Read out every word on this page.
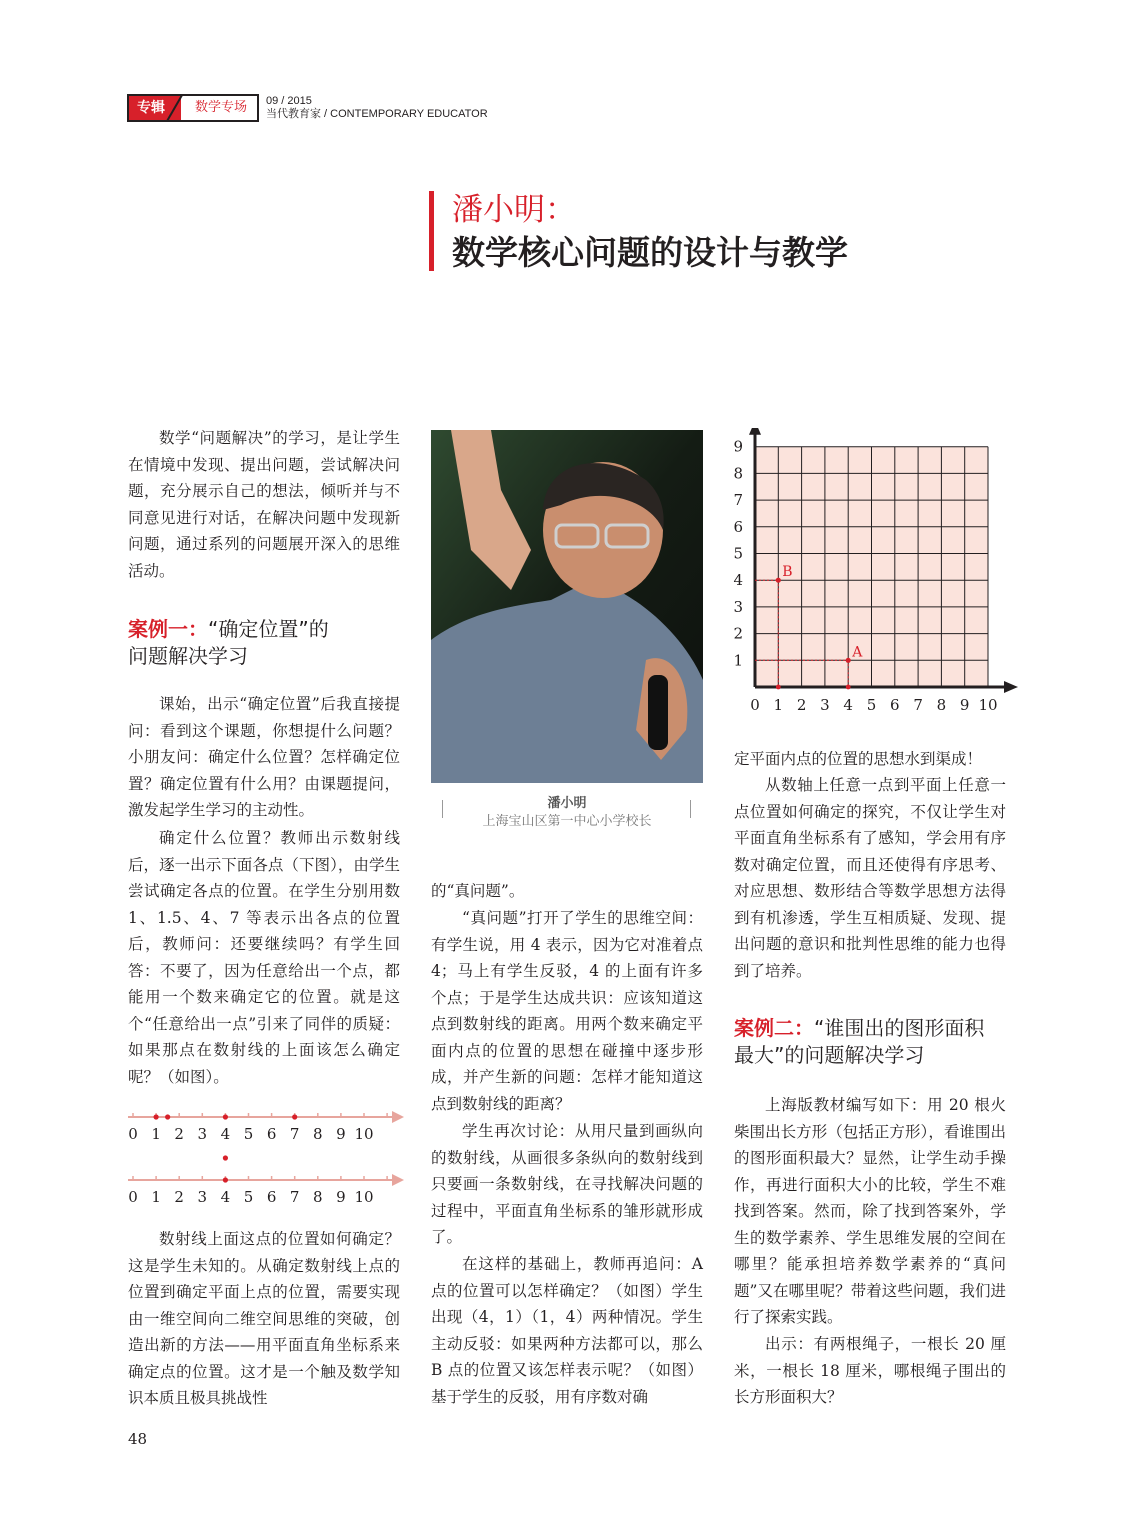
专辑	数学专场 09 / 2015
当代教育家 / CONTEMPORARY EDUCATOR
潘小明：
数学核心问题的设计与教学

数学“问题解决”的学习，是让学生在情境中发现、提出问题，尝试解决问题，充分展示自己的想法，倾听并与不同意见进行对话，在解决问题中发现新问题，通过系列的问题展开深入的思维活动。

案例一：“确定位置”的
问题解决学习

课始，出示“确定位置”后我直接提问：看到这个课题，你想提什么问题？小朋友问：确定什么位置？怎样确定位置？确定位置有什么用？由课题提问，激发起学生学习的主动性。

确定什么位置？教师出示数射线后，逐一出示下面各点（下图），由学生尝试确定各点的位置。在学生分别用数 1、1.5、4、7 等表示出各点的位置后，教师问：还要继续吗？有学生回答：不要了，因为任意给出一个点，都能用一个数来确定它的位置。就是这个“任意给出一点”引来了同伴的质疑：如果那点在数射线的上面该怎么确定呢？（如图）。

0 1 2 3 4 5 6 7 8 9 10
0 1 2 3 4 5 6 7 8 9 10

数射线上面这点的位置如何确定？这是学生未知的。从确定数射线上点的位置到确定平面上点的位置，需要实现由一维空间向二维空间思维的突破，创造出新的方法——用平面直角坐标系来确定点的位置。这才是一个触及数学知识本质且极具挑战性

潘小明
上海宝山区第一中心小学校长

的“真问题”。

“真问题”打开了学生的思维空间：有学生说，用 4 表示，因为它对准着点 4；马上有学生反驳，4 的上面有许多个点；于是学生达成共识：应该知道这点到数射线的距离。用两个数来确定平面内点的位置的思想在碰撞中逐步形成，并产生新的问题：怎样才能知道这点到数射线的距离？

学生再次讨论：从用尺量到画纵向的数射线，从画很多条纵向的数射线到只要画一条数射线，在寻找解决问题的过程中，平面直角坐标系的雏形就形成了。

在这样的基础上，教师再追问：A 点的位置可以怎样确定？（如图）学生出现（4，1）（1，4）两种情况。学生主动反驳：如果两种方法都可以，那么 B 点的位置又该怎样表示呢？（如图）基于学生的反驳，用有序数对确

0 1 2 3 4 5 6 7 8 9 10
1
2
3
4
5
6
7
8
9
A
B

定平面内点的位置的思想水到渠成！

从数轴上任意一点到平面上任意一点位置如何确定的探究，不仅让学生对平面直角坐标系有了感知，学会用有序数对确定位置，而且还使得有序思考、对应思想、数形结合等数学思想方法得到有机渗透，学生互相质疑、发现、提出问题的意识和批判性思维的能力也得到了培养。

案例二：“谁围出的图形面积
最大”的问题解决学习

上海版教材编写如下：用 20 根火柴围出长方形（包括正方形），看谁围出的图形面积最大？显然，让学生动手操作，再进行面积大小的比较，学生不难找到答案。然而，除了找到答案外，学生的数学素养、学生思维发展的空间在哪里？能承担培养数学素养的“真问题”又在哪里呢？带着这些问题，我们进行了探索实践。

出示：有两根绳子，一根长 20 厘米，一根长 18 厘米，哪根绳子围出的长方形面积大？

48
